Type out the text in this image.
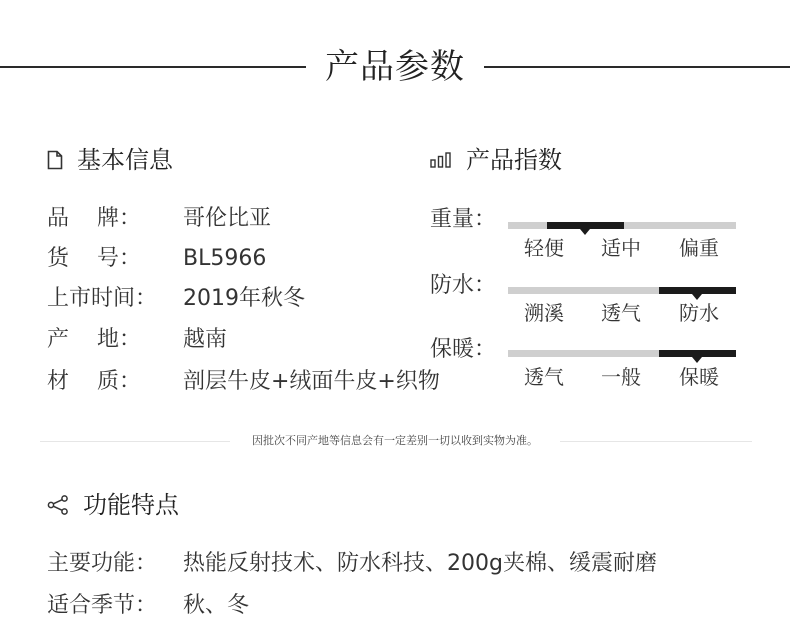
产品参数
基本信息
品    牌：	哥伦比亚
货    号：	BL5966
上市时间：	2019年秋冬
产    地：	越南
材    质：	剖层牛皮+绒面牛皮+织物
产品指数
重量：
轻便	适中	偏重
防水：
溯溪	透气	防水
保暖：
透气	一般	保暖
因批次不同产地等信息会有一定差别一切以收到实物为准。
功能特点
主要功能：	热能反射技术、防水科技、200g夹棉、缓震耐磨
适合季节：	秋、冬
